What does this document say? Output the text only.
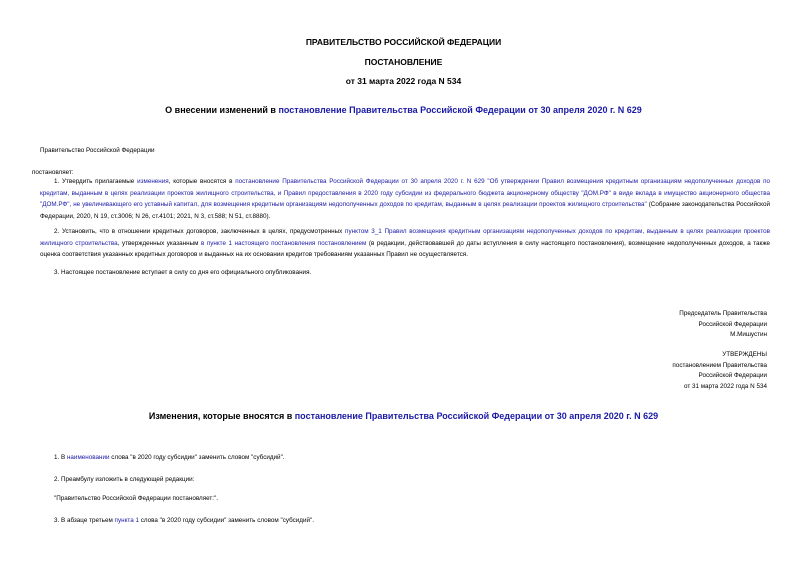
ПРАВИТЕЛЬСТВО РОССИЙСКОЙ ФЕДЕРАЦИИ
ПОСТАНОВЛЕНИЕ
от 31 марта 2022 года N 534
О внесении изменений в постановление Правительства Российской Федерации от 30 апреля 2020 г. N 629
Правительство Российской Федерации
постановляет:
1. Утвердить прилагаемые изменения, которые вносятся в постановление Правительства Российской Федерации от 30 апреля 2020 г. N 629 "Об утверждении Правил возмещения кредитным организациям недополученных доходов по кредитам, выданным в целях реализации проектов жилищного строительства, и Правил предоставления в 2020 году субсидии из федерального бюджета акционерному обществу "ДОМ.РФ" в виде вклада в имущество акционерного общества "ДОМ.РФ", не увеличивающего его уставный капитал, для возмещения кредитным организациям недополученных доходов по кредитам, выданным в целях реализации проектов жилищного строительства" (Собрание законодательства Российской Федерации, 2020, N 19, ст.3006; N 26, ст.4101; 2021, N 3, ст.588; N 51, ст.8880).
2. Установить, что в отношении кредитных договоров, заключенных в целях, предусмотренных пунктом 3_1 Правил возмещения кредитным организациям недополученных доходов по кредитам, выданным в целях реализации проектов жилищного строительства, утвержденных указанным в пункте 1 настоящего постановления постановлением (в редакции, действовавшей до даты вступления в силу настоящего постановления), возмещение недополученных доходов, а также оценка соответствия указанных кредитных договоров и выданных на их основании кредитов требованиям указанных Правил не осуществляется.
3. Настоящее постановление вступает в силу со дня его официального опубликования.
Председатель Правительства
Российской Федерации
М.Мишустин
УТВЕРЖДЕНЫ
постановлением Правительства
Российской Федерации
от 31 марта 2022 года N 534
Изменения, которые вносятся в постановление Правительства Российской Федерации от 30 апреля 2020 г. N 629
1. В наименовании слова "в 2020 году субсидии" заменить словом "субсидий".
2. Преамбулу изложить в следующей редакции:
"Правительство Российской Федерации постановляет:".
3. В абзаце третьем пункта 1 слова "в 2020 году субсидии" заменить словом "субсидий".
